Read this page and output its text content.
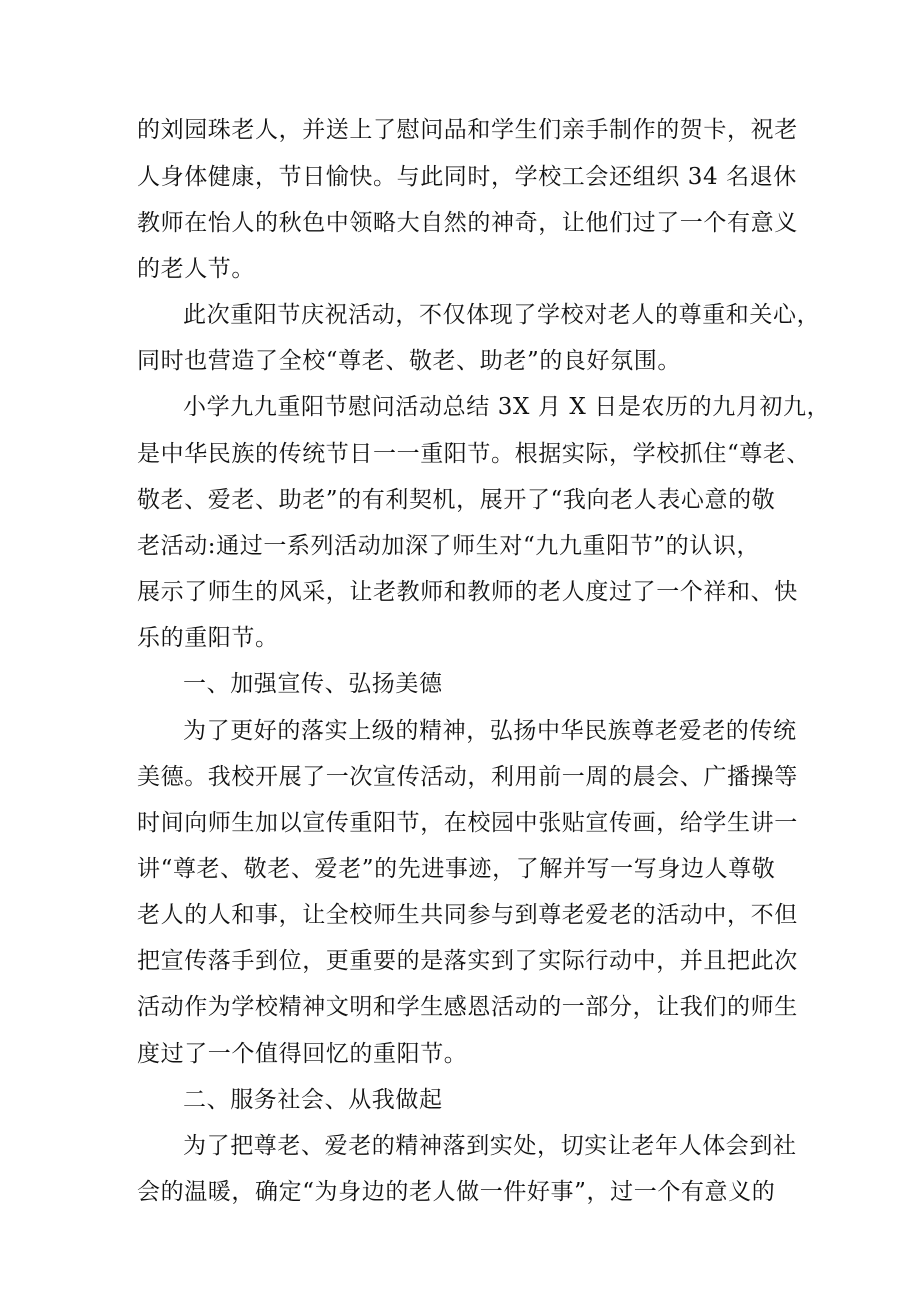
的刘园珠老人，并送上了慰问品和学生们亲手制作的贺卡，祝老
人身体健康，节日愉快。与此同时，学校工会还组织 34 名退休
教师在怡人的秋色中领略大自然的神奇，让他们过了一个有意义
的老人节。
此次重阳节庆祝活动，不仅体现了学校对老人的尊重和关心，
同时也营造了全校“尊老、敬老、助老”的良好氛围。
小学九九重阳节慰问活动总结 3X 月 X 日是农历的九月初九，
是中华民族的传统节日一一重阳节。根据实际，学校抓住“尊老、
敬老、爱老、助老”的有利契机，展开了“我向老人表心意的敬
老活动:通过一系列活动加深了师生对“九九重阳节”的认识，
展示了师生的风采，让老教师和教师的老人度过了一个祥和、快
乐的重阳节。
一、加强宣传、弘扬美德
为了更好的落实上级的精神，弘扬中华民族尊老爱老的传统
美德。我校开展了一次宣传活动，利用前一周的晨会、广播操等
时间向师生加以宣传重阳节，在校园中张贴宣传画，给学生讲一
讲“尊老、敬老、爱老”的先进事迹，了解并写一写身边人尊敬
老人的人和事，让全校师生共同参与到尊老爱老的活动中，不但
把宣传落手到位，更重要的是落实到了实际行动中，并且把此次
活动作为学校精神文明和学生感恩活动的一部分，让我们的师生
度过了一个值得回忆的重阳节。
二、服务社会、从我做起
为了把尊老、爱老的精神落到实处，切实让老年人体会到社
会的温暖，确定“为身边的老人做一件好事”，过一个有意义的
